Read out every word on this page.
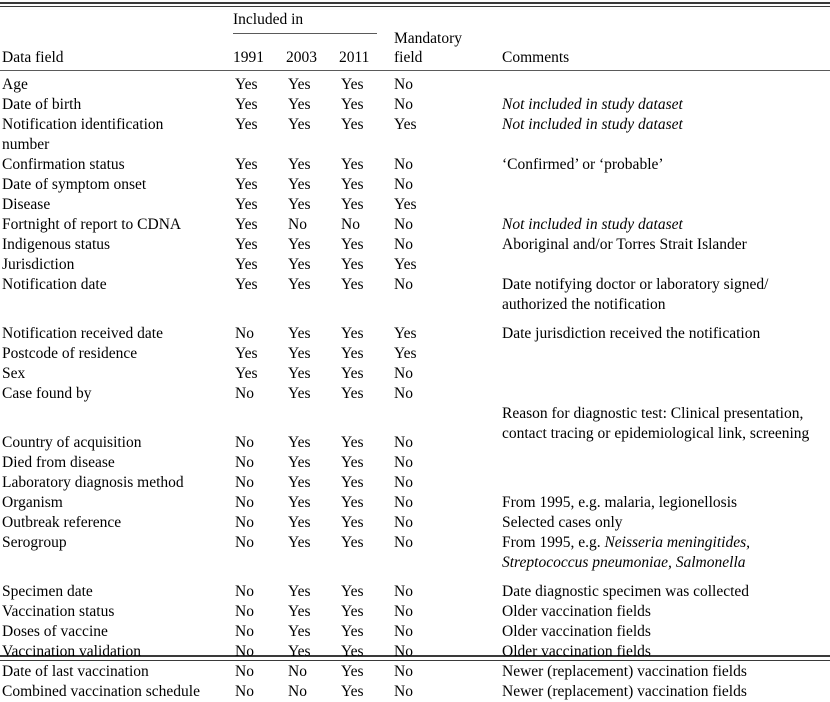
Included in
Data field	1991 2003 2011
Mandatory
field	Comments
Age	Yes	Yes	Yes	No
Date of birth	Yes	Yes	Yes	No	Not included in study dataset
Notification identification
number
Yes	Yes	Yes	Yes	Not included in study dataset
Confirmation status	Yes	Yes	Yes	No	‘Confirmed’ or ‘probable’
Date of symptom onset	Yes	Yes	Yes	No
Disease	Yes	Yes	Yes	Yes
Fortnight of report to CDNA	Yes	No	No	No	Not included in study dataset
Indigenous status	Yes	Yes	Yes	No	Aboriginal and/or Torres Strait Islander
Jurisdiction	Yes	Yes	Yes	Yes
Notification date	Yes	Yes	Yes	No	Date notifying doctor or laboratory signed/
authorized the notification
Notification received date	No	Yes	Yes	Yes	Date jurisdiction received the notification
Postcode of residence	Yes	Yes	Yes	Yes
Sex	Yes	Yes	Yes	No
Case found by	No	Yes	Yes	No
Reason for diagnostic test: Clinical presentation,
contact tracing or epidemiological link, screening
Country of acquisition	No	Yes	Yes	No
Died from disease	No	Yes	Yes	No
Laboratory diagnosis method	No	Yes	Yes	No
Organism	No	Yes	Yes	No	From 1995, e.g. malaria, legionellosis
Outbreak reference	No	Yes	Yes	No	Selected cases only
Serogroup	No	Yes	Yes	No	From 1995, e.g. Neisseria meningitides,
Streptococcus pneumoniae, Salmonella
Specimen date	No	Yes	Yes	No	Date diagnostic specimen was collected
Vaccination status	No	Yes	Yes	No	Older vaccination fields
Doses of vaccine	No	Yes	Yes	No	Older vaccination fields
Vaccination validation	No	Yes	Yes	No	Older vaccination fields
Date of last vaccination	No	No	Yes	No	Newer (replacement) vaccination fields
Combined vaccination schedule	No	No	Yes	No	Newer (replacement) vaccination fields
